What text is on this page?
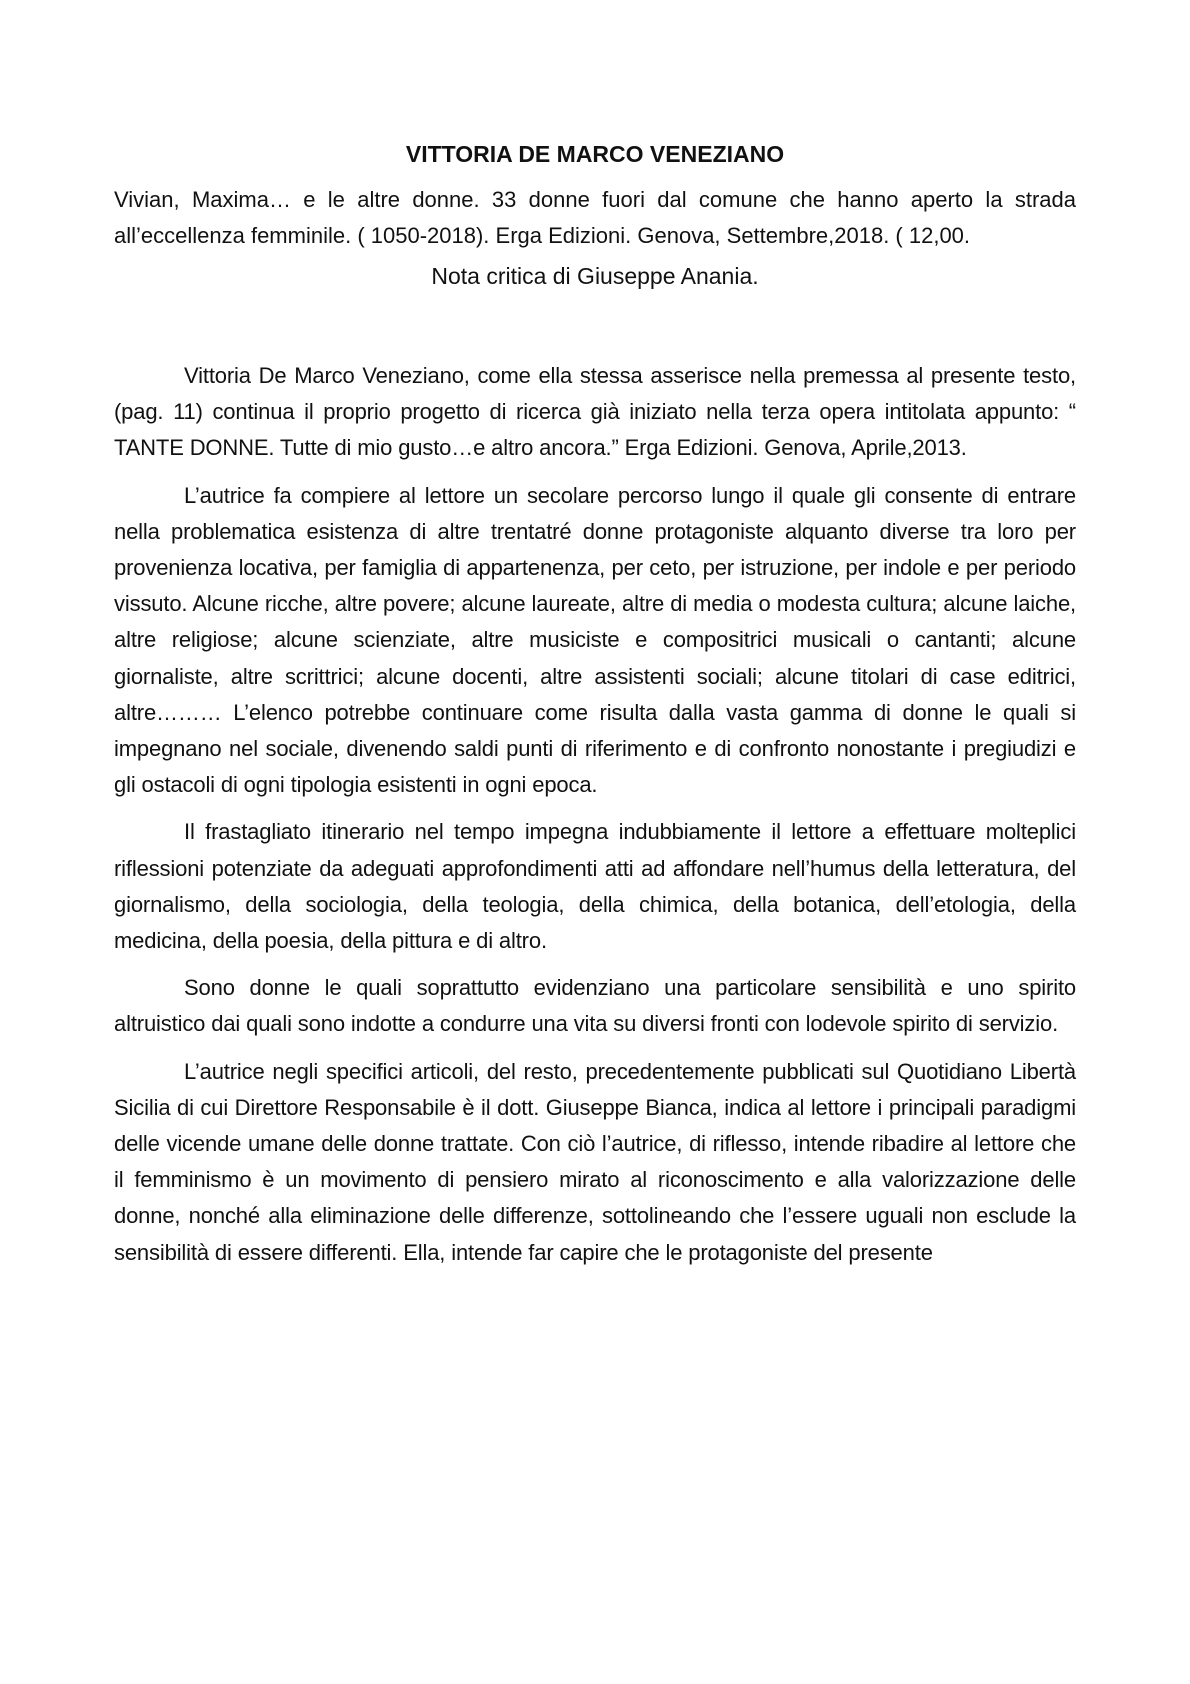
VITTORIA DE MARCO VENEZIANO

Vivian, Maxima… e le altre donne. 33 donne fuori dal comune che hanno aperto la strada all’eccellenza femminile. ( 1050-2018). Erga Edizioni. Genova, Settembre,2018. ( 12,00.

Nota critica di Giuseppe Anania.

Vittoria De Marco Veneziano, come ella stessa asserisce nella premessa al presente testo, (pag. 11) continua il proprio progetto di ricerca già iniziato nella terza opera intitolata appunto: “ TANTE DONNE. Tutte di mio gusto…e altro ancora.” Erga Edizioni. Genova, Aprile,2013.

L’autrice fa compiere al lettore un secolare percorso lungo il quale gli consente di entrare nella problematica esistenza di altre trentatré donne protagoniste alquanto diverse tra loro per provenienza locativa, per famiglia di appartenenza, per ceto, per istruzione, per indole e per periodo vissuto. Alcune ricche, altre povere; alcune laureate, altre di media o modesta cultura; alcune laiche, altre religiose; alcune scienziate, altre musiciste e compositrici musicali o cantanti; alcune giornaliste, altre scrittrici; alcune docenti, altre assistenti sociali; alcune titolari di case editrici, altre……… L’elenco potrebbe continuare come risulta dalla vasta gamma di donne le quali si impegnano nel sociale, divenendo saldi punti di riferimento e di confronto nonostante i pregiudizi e gli ostacoli di ogni tipologia esistenti in ogni epoca.

Il frastagliato itinerario nel tempo impegna indubbiamente il lettore a effettuare molteplici riflessioni potenziate da adeguati approfondimenti atti ad affondare nell’humus della letteratura, del giornalismo, della sociologia, della teologia, della chimica, della botanica, dell’etologia, della medicina, della poesia, della pittura e di altro.

Sono donne le quali soprattutto evidenziano una particolare sensibilità e uno spirito altruistico dai quali sono indotte a condurre una vita su diversi fronti con lodevole spirito di servizio.

L’autrice negli specifici articoli, del resto, precedentemente pubblicati sul Quotidiano Libertà Sicilia di cui Direttore Responsabile è il dott. Giuseppe Bianca, indica al lettore i principali paradigmi delle vicende umane delle donne trattate. Con ciò l’autrice, di riflesso, intende ribadire al lettore che il femminismo è un movimento di pensiero mirato al riconoscimento e alla valorizzazione delle donne, nonché alla eliminazione delle differenze, sottolineando che l’essere uguali non esclude la sensibilità di essere differenti. Ella, intende far capire che le protagoniste del presente
